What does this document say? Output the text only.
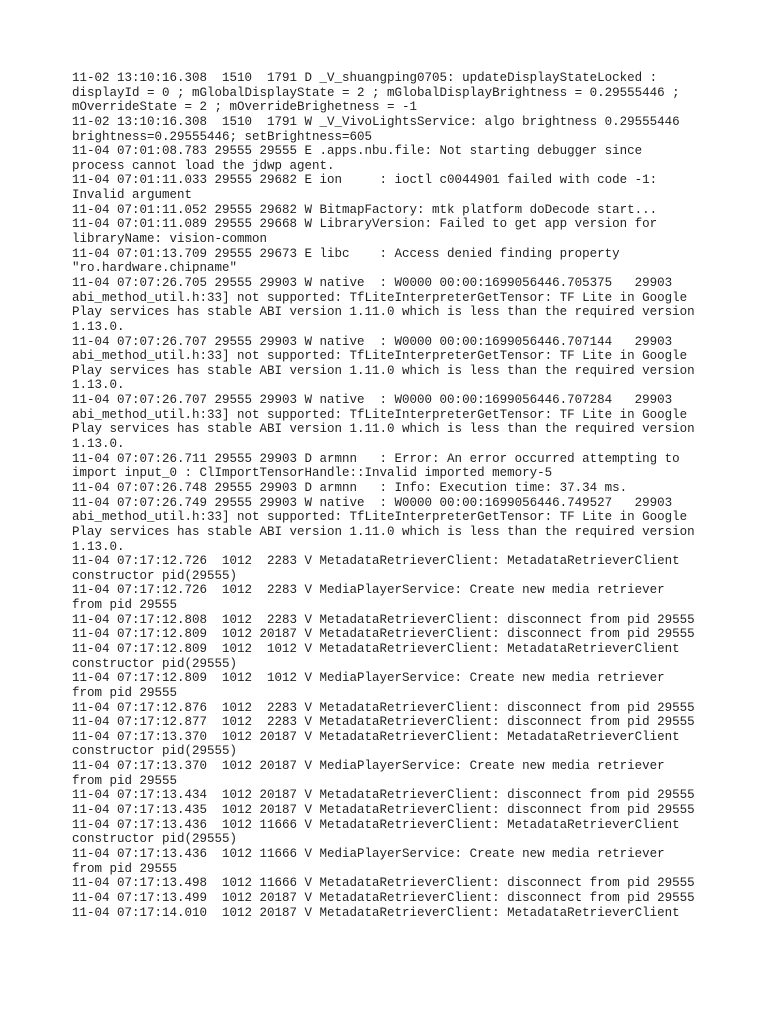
11-02 13:10:16.308  1510  1791 D _V_shuangping0705: updateDisplayStateLocked :
displayId = 0 ; mGlobalDisplayState = 2 ; mGlobalDisplayBrightness = 0.29555446 ;
mOverrideState = 2 ; mOverrideBrighetness = -1
11-02 13:10:16.308  1510  1791 W _V_VivoLightsService: algo brightness 0.29555446
brightness=0.29555446; setBrightness=605
11-04 07:01:08.783 29555 29555 E .apps.nbu.file: Not starting debugger since
process cannot load the jdwp agent.
11-04 07:01:11.033 29555 29682 E ion     : ioctl c0044901 failed with code -1:
Invalid argument
11-04 07:01:11.052 29555 29682 W BitmapFactory: mtk platform doDecode start...
11-04 07:01:11.089 29555 29668 W LibraryVersion: Failed to get app version for
libraryName: vision-common
11-04 07:01:13.709 29555 29673 E libc    : Access denied finding property
"ro.hardware.chipname"
11-04 07:07:26.705 29555 29903 W native  : W0000 00:00:1699056446.705375   29903
abi_method_util.h:33] not supported: TfLiteInterpreterGetTensor: TF Lite in Google
Play services has stable ABI version 1.11.0 which is less than the required version
1.13.0.
11-04 07:07:26.707 29555 29903 W native  : W0000 00:00:1699056446.707144   29903
abi_method_util.h:33] not supported: TfLiteInterpreterGetTensor: TF Lite in Google
Play services has stable ABI version 1.11.0 which is less than the required version
1.13.0.
11-04 07:07:26.707 29555 29903 W native  : W0000 00:00:1699056446.707284   29903
abi_method_util.h:33] not supported: TfLiteInterpreterGetTensor: TF Lite in Google
Play services has stable ABI version 1.11.0 which is less than the required version
1.13.0.
11-04 07:07:26.711 29555 29903 D armnn   : Error: An error occurred attempting to
import input_0 : ClImportTensorHandle::Invalid imported memory-5
11-04 07:07:26.748 29555 29903 D armnn   : Info: Execution time: 37.34 ms.
11-04 07:07:26.749 29555 29903 W native  : W0000 00:00:1699056446.749527   29903
abi_method_util.h:33] not supported: TfLiteInterpreterGetTensor: TF Lite in Google
Play services has stable ABI version 1.11.0 which is less than the required version
1.13.0.
11-04 07:17:12.726  1012  2283 V MetadataRetrieverClient: MetadataRetrieverClient
constructor pid(29555)
11-04 07:17:12.726  1012  2283 V MediaPlayerService: Create new media retriever
from pid 29555
11-04 07:17:12.808  1012  2283 V MetadataRetrieverClient: disconnect from pid 29555
11-04 07:17:12.809  1012 20187 V MetadataRetrieverClient: disconnect from pid 29555
11-04 07:17:12.809  1012  1012 V MetadataRetrieverClient: MetadataRetrieverClient
constructor pid(29555)
11-04 07:17:12.809  1012  1012 V MediaPlayerService: Create new media retriever
from pid 29555
11-04 07:17:12.876  1012  2283 V MetadataRetrieverClient: disconnect from pid 29555
11-04 07:17:12.877  1012  2283 V MetadataRetrieverClient: disconnect from pid 29555
11-04 07:17:13.370  1012 20187 V MetadataRetrieverClient: MetadataRetrieverClient
constructor pid(29555)
11-04 07:17:13.370  1012 20187 V MediaPlayerService: Create new media retriever
from pid 29555
11-04 07:17:13.434  1012 20187 V MetadataRetrieverClient: disconnect from pid 29555
11-04 07:17:13.435  1012 20187 V MetadataRetrieverClient: disconnect from pid 29555
11-04 07:17:13.436  1012 11666 V MetadataRetrieverClient: MetadataRetrieverClient
constructor pid(29555)
11-04 07:17:13.436  1012 11666 V MediaPlayerService: Create new media retriever
from pid 29555
11-04 07:17:13.498  1012 11666 V MetadataRetrieverClient: disconnect from pid 29555
11-04 07:17:13.499  1012 20187 V MetadataRetrieverClient: disconnect from pid 29555
11-04 07:17:14.010  1012 20187 V MetadataRetrieverClient: MetadataRetrieverClient
